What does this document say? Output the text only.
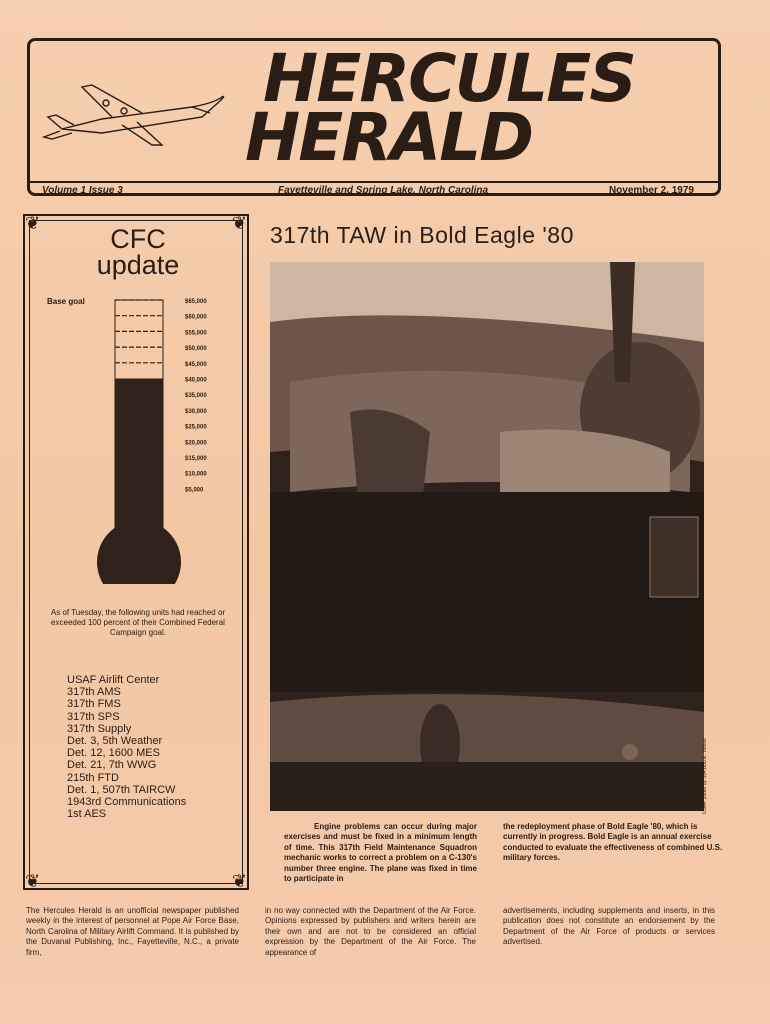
HERCULES
HERALD
Volume 1 Issue 3	Fayetteville and Spring Lake, North Carolina	November 2, 1979
❦	❦
❦	❦
CFC
update
Base goal	$65,000
$60,000
$55,000
$50,000
$45,000
$40,000
$35,000
$30,000
$25,000
$20,000
$15,000
$10,000
$5,000
As of Tuesday, the following units had reached or exceeded 100 percent of their Combined Federal Campaign goal.
USAF Airlift Center
317th AMS
317th FMS
317th SPS
317th Supply
Det. 3, 5th Weather
Det. 12, 1600 MES
Det. 21, 7th WWG
215th FTD
Det. 1, 507th TAIRCW
1943rd Communications
1st AES
317th TAW in Bold Eagle '80
USAF photo by SrA Bob E. Tobias
Engine problems can occur during major exercises and must be fixed in a minimum length of time. This 317th Field Maintenance Squadron mechanic works to correct a problem on a C-130's number three engine. The plane was fixed in time to participate in
the redeployment phase of Bold Eagle '80, which is currently in progress. Bold Eagle is an annual exercise conducted to evaluate the effectiveness of combined U.S. military forces.
The Hercules Herald is an unofficial newspaper published weekly in the interest of personnel at Pope Air Force Base, North Carolina of Military Airlift Command. It is published by the Duvanal Publishing, Inc., Fayetteville, N.C., a private firm,
in no way connected with the Department of the Air Force. Opinions expressed by publishers and writers herein are their own and are not to be considered an official expression by the Department of the Air Force. The appearance of
advertisements, including supplements and inserts, in this publication does not constitute an endorsement by the Department of the Air Force of products or services advertised.
